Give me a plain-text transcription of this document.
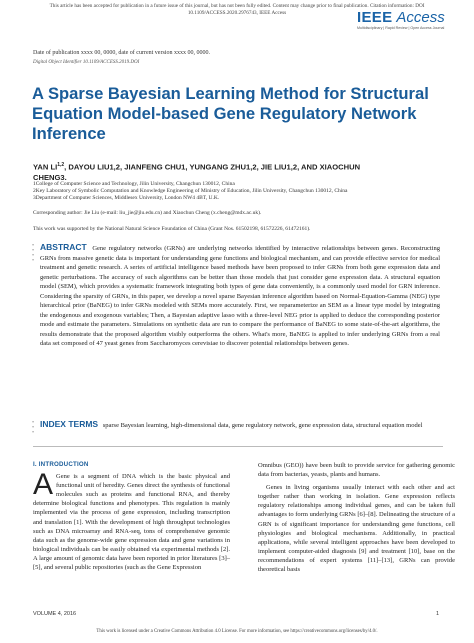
This article has been accepted for publication in a future issue of this journal, but has not been fully edited. Content may change prior to final publication. Citation information: DOI
10.1109/ACCESS.2020.2976743, IEEE Access	IEEE Access
Multidisciplinary | Rapid Review | Open Access Journal
Date of publication xxxx 00, 0000, date of current version xxxx 00, 0000.
Digital Object Identifier 10.1109/ACCESS.2019.DOI
A Sparse Bayesian Learning Method for Structural Equation Model-based Gene Regulatory Network Inference
YAN LI$^{1,2}$, DAYOU LIU1,2, JIANFENG CHU1, YUNGANG ZHU1,2, JIE LIU1,2, AND XIAOCHUN
CHENG3.
1College of Computer Science and Technology, Jilin University, Changchun 130012, China
2Key Laboratory of Symbolic Computation and Knowledge Engineering of Ministry of Education, Jilin University, Changchun 130012, China
3Department of Computer Sciences, Middlesex University, London NW4 4BT, U.K.
Corresponding author: Jie Liu (e-mail: liu_jie@jlu.edu.cn) and Xiaochun Cheng (x.cheng@mdx.ac.uk).
This work was supported by the National Natural Science Foundation of China (Grant Nos. 61502198, 61572226, 61472161).
•
•
•
•
ABSTRACT Gene regulatory networks (GRNs) are underlying networks identified by interactive relationships between genes. Reconstructing GRNs from massive genetic data is important for understanding gene functions and biological mechanism, and can provide effective service for medical treatment and genetic research. A series of artificial intelligence based methods have been proposed to infer GRNs from both gene expression data and genetic perturbations. The accuracy of such algorithms can be better than those models that just consider gene expression data. A structural equation model (SEM), which provides a systematic framework integrating both types of gene data conveniently, is a commonly used model for GRN inference. Considering the sparsity of GRNs, in this paper, we develop a novel sparse Bayesian inference algorithm based on Normal-Equation-Gamma (NEG) type hierarchical prior (BaNEG) to infer GRNs modeled with SEMs more accurately. First, we reparameterize an SEM as a linear type model by integrating the endogenous and exogenous variables; Then, a Bayesian adaptive lasso with a three-level NEG prior is applied to deduce the corresponding posterior mode and estimate the parameters. Simulations on synthetic data are run to compare the performance of BaNEG to some state-of-the-art algorithms, the results demonstrate that the proposed algorithm visibly outperforms the others. What's more, BaNEG is applied to infer underlying GRNs from a real data set composed of 47 yeast genes from Saccharomyces cerevisiae to discover potential relationships between genes.
•
•
•
INDEX TERMS sparse Bayesian learning, high-dimensional data, gene regulatory network, gene expression data, structural equation model
I. INTRODUCTION

A Gene is a segment of DNA which is the basic physical and functional unit of heredity. Genes direct the synthesis of functional molecules such as proteins and functional RNA, and thereby determine biological functions and phenotypes. This regulation is mainly implemented via the process of gene expression, including transcription and translation [1]. With the development of high throughput technologies such as DNA microarray and RNA-seq, tons of comprehensive genomic data such as the genome-wide gene expression data and gene variations in biological individuals can be easily obtained via experimental methods [2]. A large amount of genomic data have been reported in prior literatures [3]–[5], and several public repositories (such as the Gene Expression

Omnibus (GEO)) have been built to provide service for gathering genomic data from bacterias, yeasts, plants and humans.

Genes in living organisms usually interact with each other and act together rather than working in isolation. Gene expression reflects regulatory relationships among individual genes, and can be taken full advantages to form underlying GRNs [6]–[8]. Delineating the structure of a GRN is of significant importance for understanding gene functions, cell physiologies and biological mechanisms. Additionally, in practical applications, while several intelligent approaches have been developed to implement computer-aided diagnosis [9] and treatment [10], base on the recommendations of expert systems [11]–[13], GRNs can provide theoretical basis

VOLUME 4, 2016	1
This work is licensed under a Creative Commons Attribution 4.0 License. For more information, see https://creativecommons.org/licenses/by/4.0/.
